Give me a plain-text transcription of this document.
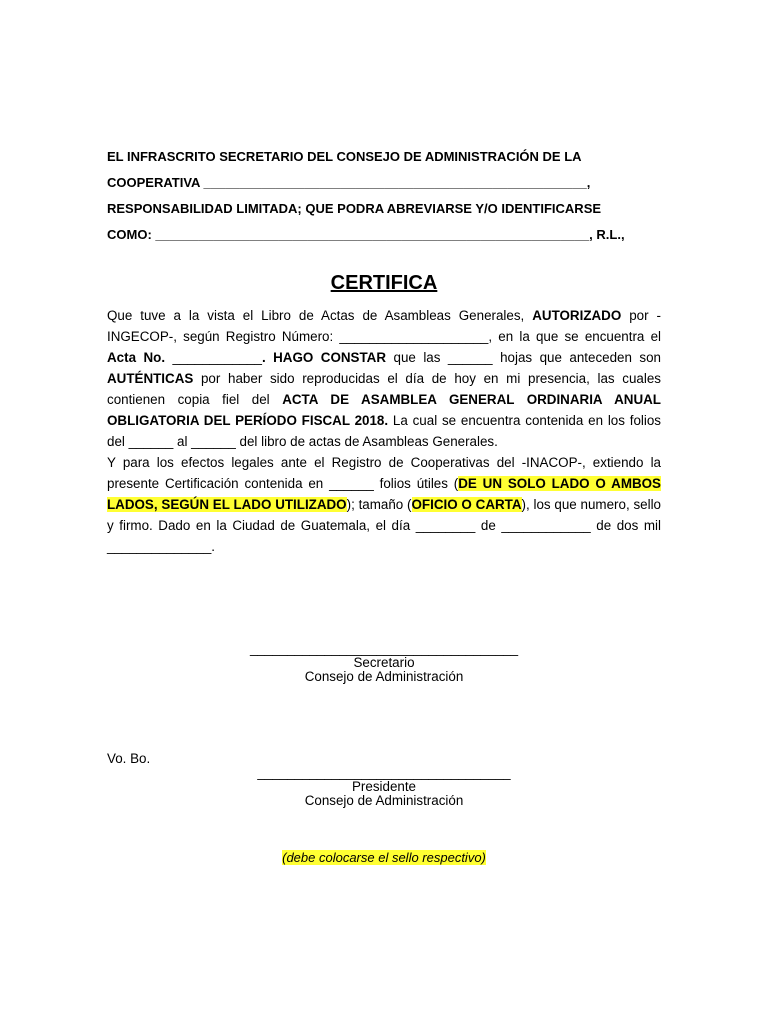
EL INFRASCRITO SECRETARIO DEL CONSEJO DE ADMINISTRACIÓN DE LA
COOPERATIVA _____________________________________________________,
RESPONSABILIDAD LIMITADA; QUE PODRA ABREVIARSE Y/O IDENTIFICARSE
COMO: ____________________________________________________________, R.L.,
CERTIFICA

Que tuve a la vista el Libro de Actas de Asambleas Generales, AUTORIZADO por -INGECOP-, según Registro Número: ____________________, en la que se encuentra el Acta No. ____________. HAGO CONSTAR que las ______ hojas que anteceden son AUTÉNTICAS por haber sido reproducidas el día de hoy en mi presencia, las cuales contienen copia fiel del ACTA DE ASAMBLEA GENERAL ORDINARIA ANUAL OBLIGATORIA DEL PERÍODO FISCAL 2018. La cual se encuentra contenida en los folios del ______ al ______ del libro de actas de Asambleas Generales.

Y para los efectos legales ante el Registro de Cooperativas del -INACOP-, extiendo la presente Certificación contenida en ______ folios útiles (DE UN SOLO LADO O AMBOS LADOS, SEGÚN EL LADO UTILIZADO); tamaño (OFICIO O CARTA), los que numero, sello y firmo. Dado en la Ciudad de Guatemala, el día ________ de ____________ de dos mil ______________.

____________________________________
Secretario
Consejo de Administración
Vo. Bo.
__________________________________
Presidente
Consejo de Administración
(debe colocarse el sello respectivo)
